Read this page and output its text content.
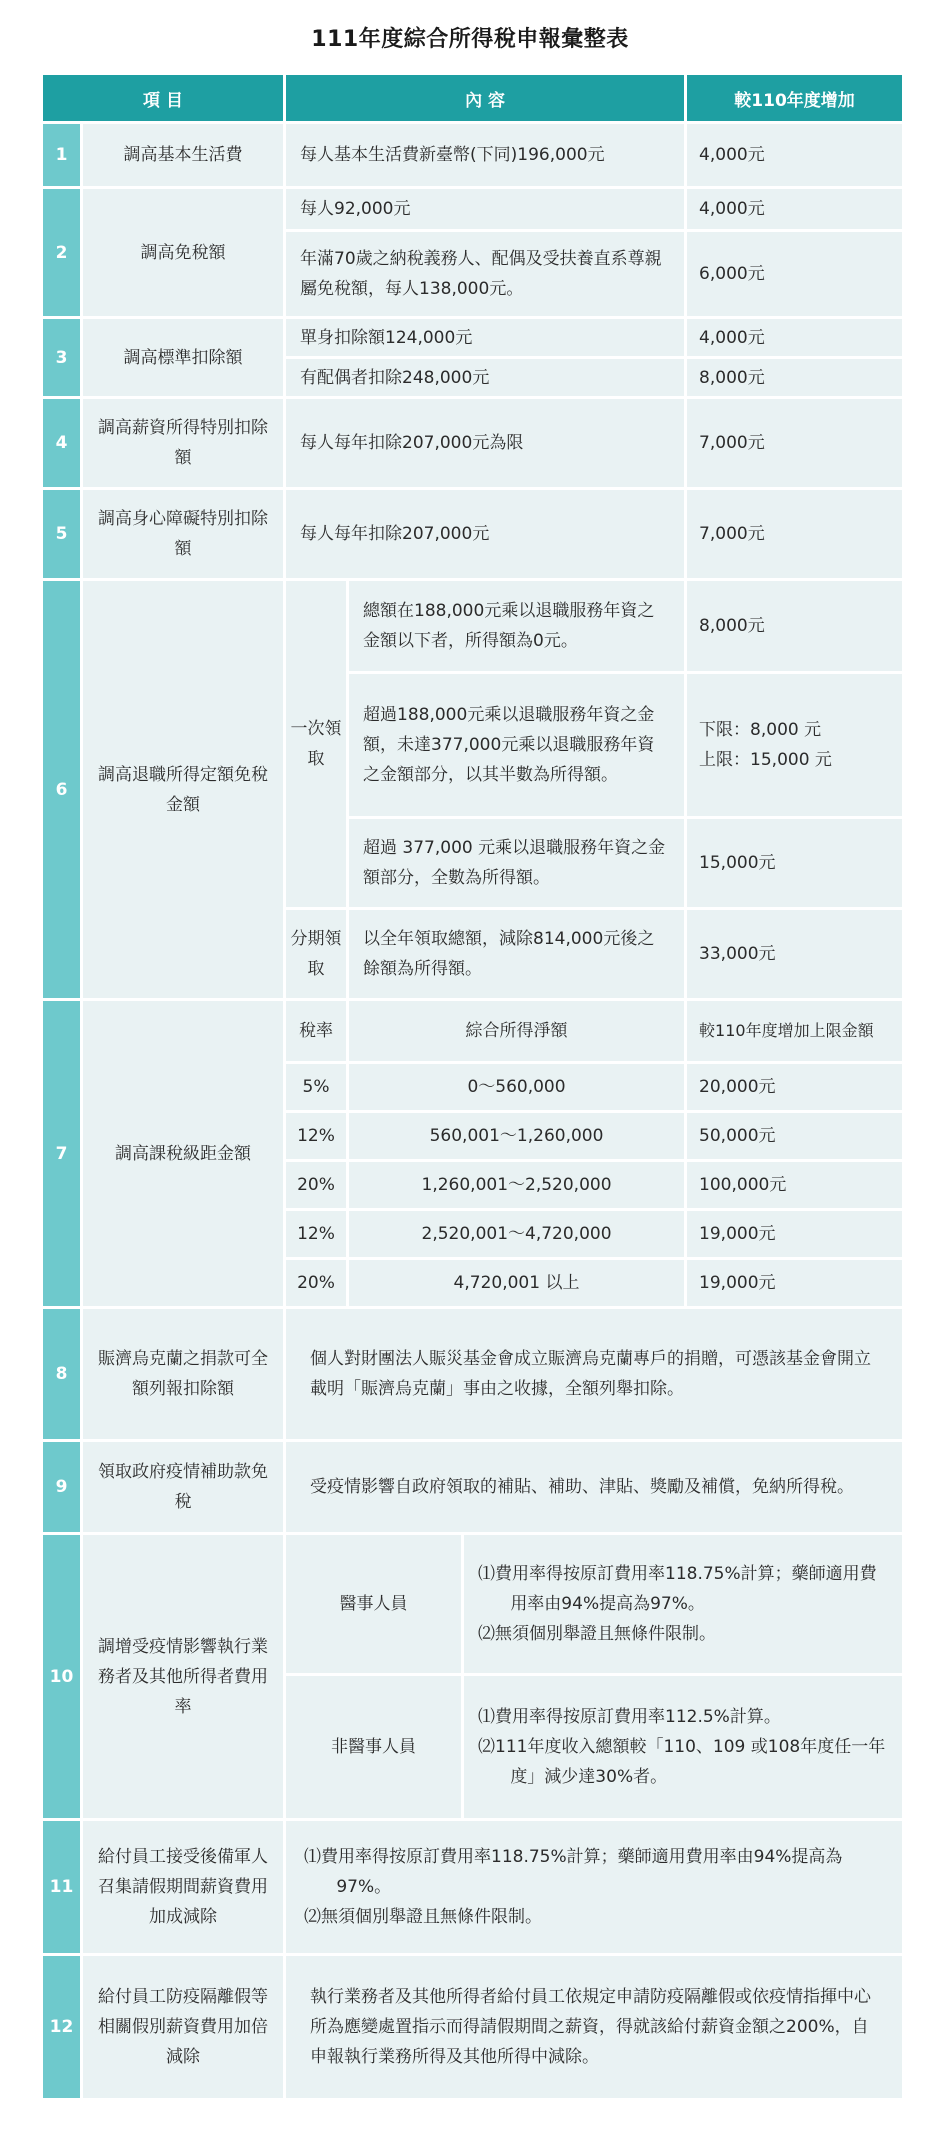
111年度綜合所得稅申報彙整表
項 目		內 容			較110年度增加
1	調高基本生活費	每人基本生活費新臺幣(下同)196,000元			4,000元
2	調高免稅額	每人92,000元			4,000元
		年滿70歲之納稅義務人、配偶及受扶養直系尊親屬免稅額，每人138,000元。			6,000元
3	調高標準扣除額	單身扣除額124,000元			4,000元
		有配偶者扣除248,000元			8,000元
4	調高薪資所得特別扣除額	每人每年扣除207,000元為限			7,000元
5	調高身心障礙特別扣除額	每人每年扣除207,000元			7,000元
6	調高退職所得定額免稅金額	一次領取	總額在188,000元乘以退職服務年資之金額以下者，所得額為0元。		8,000元
			超過188,000元乘以退職服務年資之金額，未達377,000元乘以退職服務年資之金額部分，以其半數為所得額。		下限：8,000 元
上限：15,000 元

			超過 377,000 元乘以退職服務年資之金額部分，全數為所得額。		15,000元
		分期領取	以全年領取總額，減除814,000元後之餘額為所得額。		33,000元
7	調高課稅級距金額	稅率	綜合所得淨額		較110年度增加上限金額
		5%	0～560,000		20,000元
		12%	560,001～1,260,000		50,000元
		20%	1,260,001～2,520,000		100,000元
		12%	2,520,001～4,720,000		19,000元
		20%	4,720,001 以上		19,000元
8	賑濟烏克蘭之捐款可全額列報扣除額	個人對財團法人賑災基金會成立賑濟烏克蘭專戶的捐贈，可憑該基金會開立載明「賑濟烏克蘭」事由之收據，全額列舉扣除。			
9	領取政府疫情補助款免稅	受疫情影響自政府領取的補貼、補助、津貼、獎勵及補償，免納所得稅。			
10	調增受疫情影響執行業務者及其他所得者費用率	醫事人員		⑴費用率得按原訂費用率118.75%計算；藥師適用費用率由94%提高為97%。
⑵無須個別舉證且無條件限制。	

		非醫事人員		⑴費用率得按原訂費用率112.5%計算。
⑵111年度收入總額較「110、109 或108年度任一年度」減少達30%者。	

11	給付員工接受後備軍人召集請假期間薪資費用加成減除	⑴費用率得按原訂費用率118.75%計算；藥師適用費用率由94%提高為97%。
⑵無須個別舉證且無條件限制。			

12	給付員工防疫隔離假等相關假別薪資費用加倍減除	執行業務者及其他所得者給付員工依規定申請防疫隔離假或依疫情指揮中心所為應變處置指示而得請假期間之薪資，得就該給付薪資金額之200%，自申報執行業務所得及其他所得中減除。			
